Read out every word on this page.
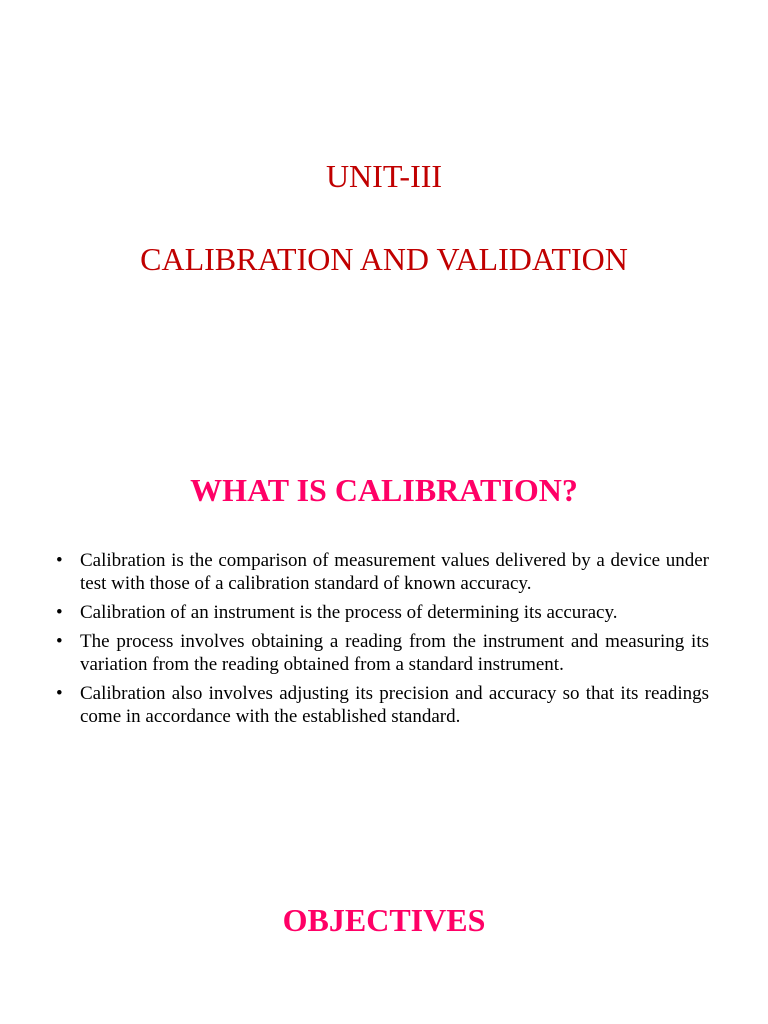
UNIT-III
CALIBRATION AND VALIDATION
WHAT IS CALIBRATION?
• Calibration is the comparison of measurement values delivered by a device under test with those of a calibration standard of known accuracy.
• Calibration of an instrument is the process of determining its accuracy.
• The process involves obtaining a reading from the instrument and measuring its variation from the reading obtained from a standard instrument.
• Calibration also involves adjusting its precision and accuracy so that its readings come in accordance with the established standard.
OBJECTIVES
